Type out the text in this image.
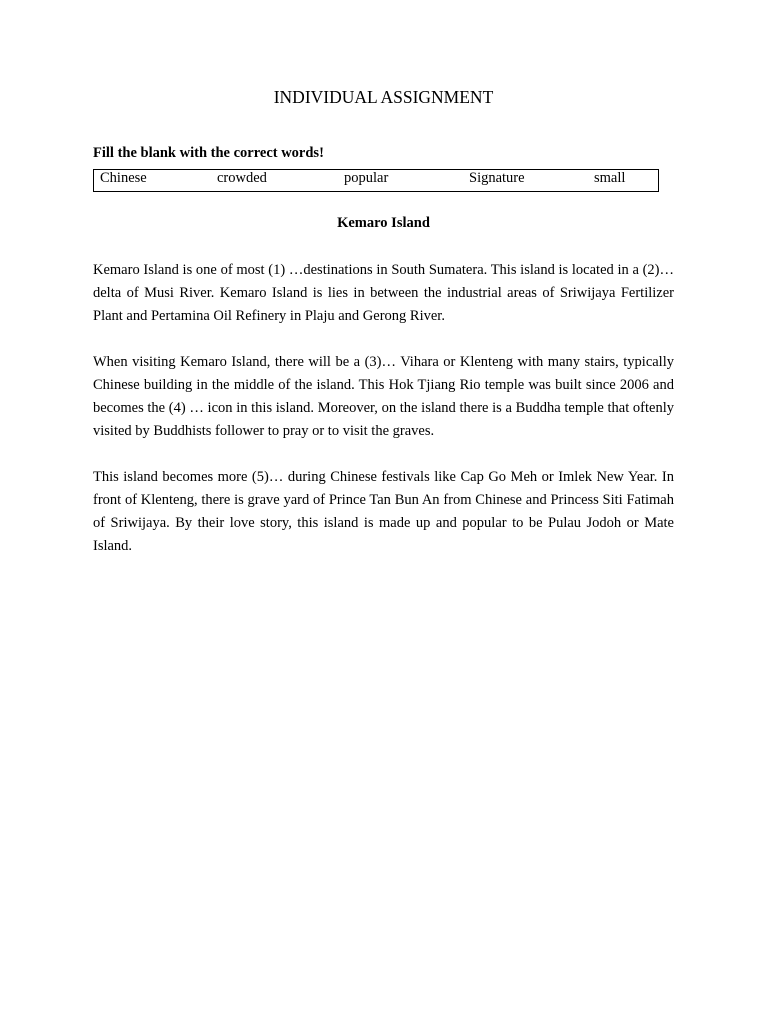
INDIVIDUAL ASSIGNMENT

Fill the blank with the correct words!

Chinese	crowded	popular	Signature	small
Kemaro Island

Kemaro Island is one of most (1) …destinations in South Sumatera. This island is located in a (2)… delta of Musi River. Kemaro Island is lies in between the industrial areas of Sriwijaya Fertilizer Plant and Pertamina Oil Refinery in Plaju and Gerong River.

When visiting Kemaro Island, there will be a (3)… Vihara or Klenteng with many stairs, typically Chinese building in the middle of the island. This Hok Tjiang Rio temple was built since 2006 and becomes the (4) … icon in this island. Moreover, on the island there is a Buddha temple that oftenly visited by Buddhists follower to pray or to visit the graves.

This island becomes more (5)… during Chinese festivals like Cap Go Meh or Imlek New Year. In front of Klenteng, there is grave yard of Prince Tan Bun An from Chinese and Princess Siti Fatimah of Sriwijaya. By their love story, this island is made up and popular to be Pulau Jodoh or Mate Island.
